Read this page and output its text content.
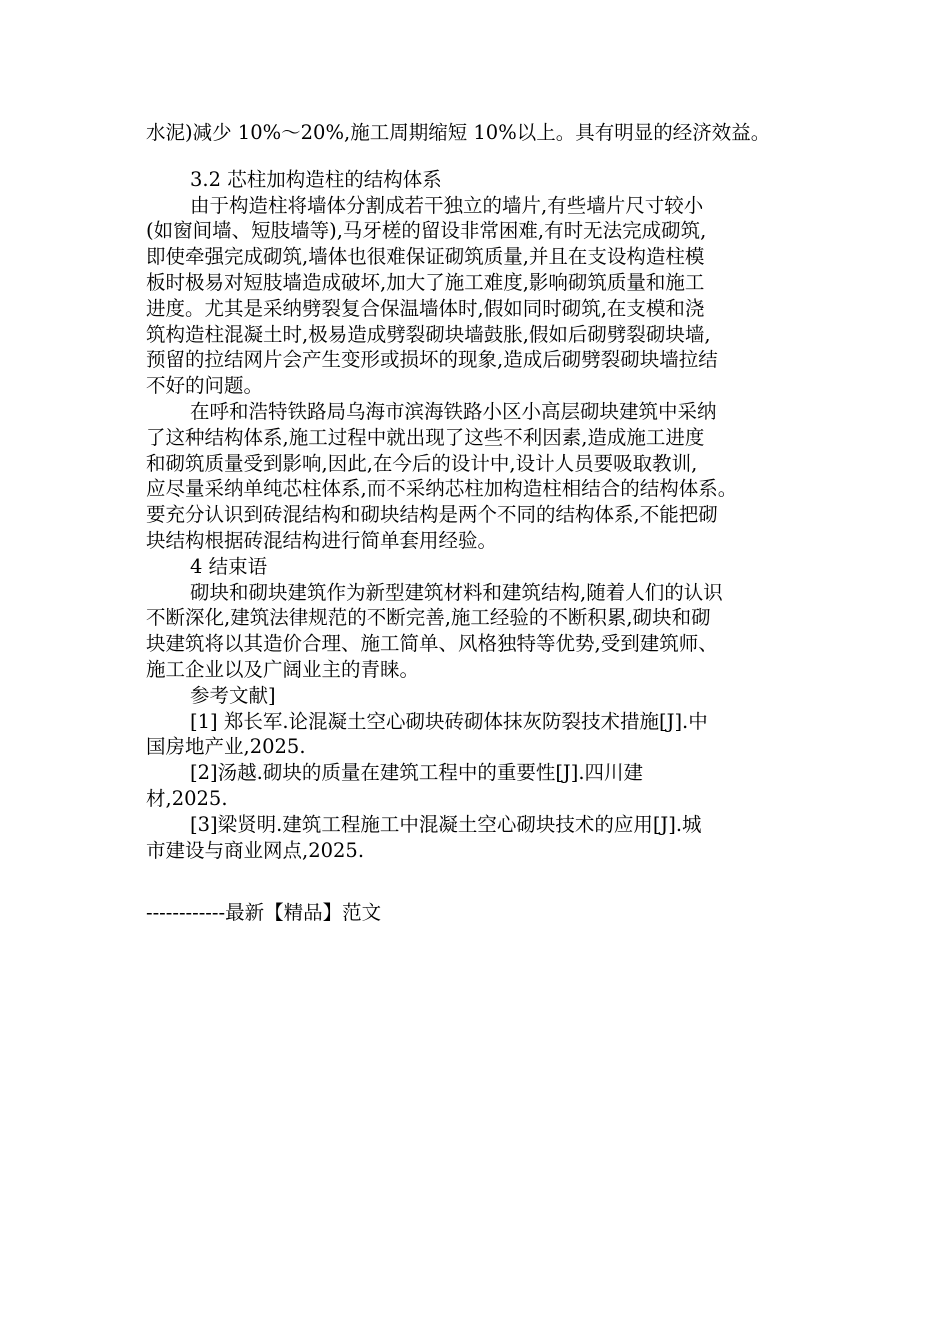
水泥)减少 10%～20%,施工周期缩短 10%以上。具有明显的经济效益。
3.2 芯柱加构造柱的结构体系
由于构造柱将墙体分割成若干独立的墙片,有些墙片尺寸较小
(如窗间墙、短肢墙等),马牙槎的留设非常困难,有时无法完成砌筑,
即使牵强完成砌筑,墙体也很难保证砌筑质量,并且在支设构造柱模
板时极易对短肢墙造成破坏,加大了施工难度,影响砌筑质量和施工
进度。尤其是采纳劈裂复合保温墙体时,假如同时砌筑,在支模和浇
筑构造柱混凝土时,极易造成劈裂砌块墙鼓胀,假如后砌劈裂砌块墙,
预留的拉结网片会产生变形或损坏的现象,造成后砌劈裂砌块墙拉结
不好的问题。
在呼和浩特铁路局乌海市滨海铁路小区小高层砌块建筑中采纳
了这种结构体系,施工过程中就出现了这些不利因素,造成施工进度
和砌筑质量受到影响,因此,在今后的设计中,设计人员要吸取教训,
应尽量采纳单纯芯柱体系,而不采纳芯柱加构造柱相结合的结构体系。
要充分认识到砖混结构和砌块结构是两个不同的结构体系,不能把砌
块结构根据砖混结构进行简单套用经验。
4 结束语
砌块和砌块建筑作为新型建筑材料和建筑结构,随着人们的认识
不断深化,建筑法律规范的不断完善,施工经验的不断积累,砌块和砌
块建筑将以其造价合理、施工简单、风格独特等优势,受到建筑师、
施工企业以及广阔业主的青睐。
参考文献]
[1] 郑长军.论混凝土空心砌块砖砌体抹灰防裂技术措施[J].中
国房地产业,2025.
[2]汤越.砌块的质量在建筑工程中的重要性[J].四川建
材,2025.
[3]梁贤明.建筑工程施工中混凝土空心砌块技术的应用[J].城
市建设与商业网点,2025.
------------最新【精品】范文
